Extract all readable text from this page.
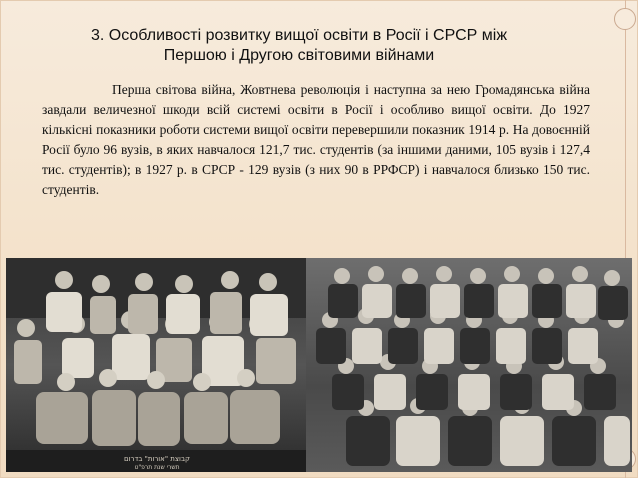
3. Особливості розвитку вищої освіти в Росії і СРСР між Першою і Другою світовими війнами
Перша світова війна, Жовтнева революція і наступна за нею Громадянська війна завдали величезної шкоди всій системі освіти в Росії і особливо вищої освіти. До 1927 кількісні показники роботи системи вищої освіти перевершили показник 1914 р. На довоєнній Росії було 96 вузів, в яких навчалося 121,7 тис. студентів (за іншими даними, 105 вузів і 127,4 тис. студентів); в 1927 р. в СРСР - 129 вузів (з них 90 в РРФСР) і навчалося близько 150 тис. студентів.
קבוצת "אורות" בדרום
תשרי שנת תרפ"ט
